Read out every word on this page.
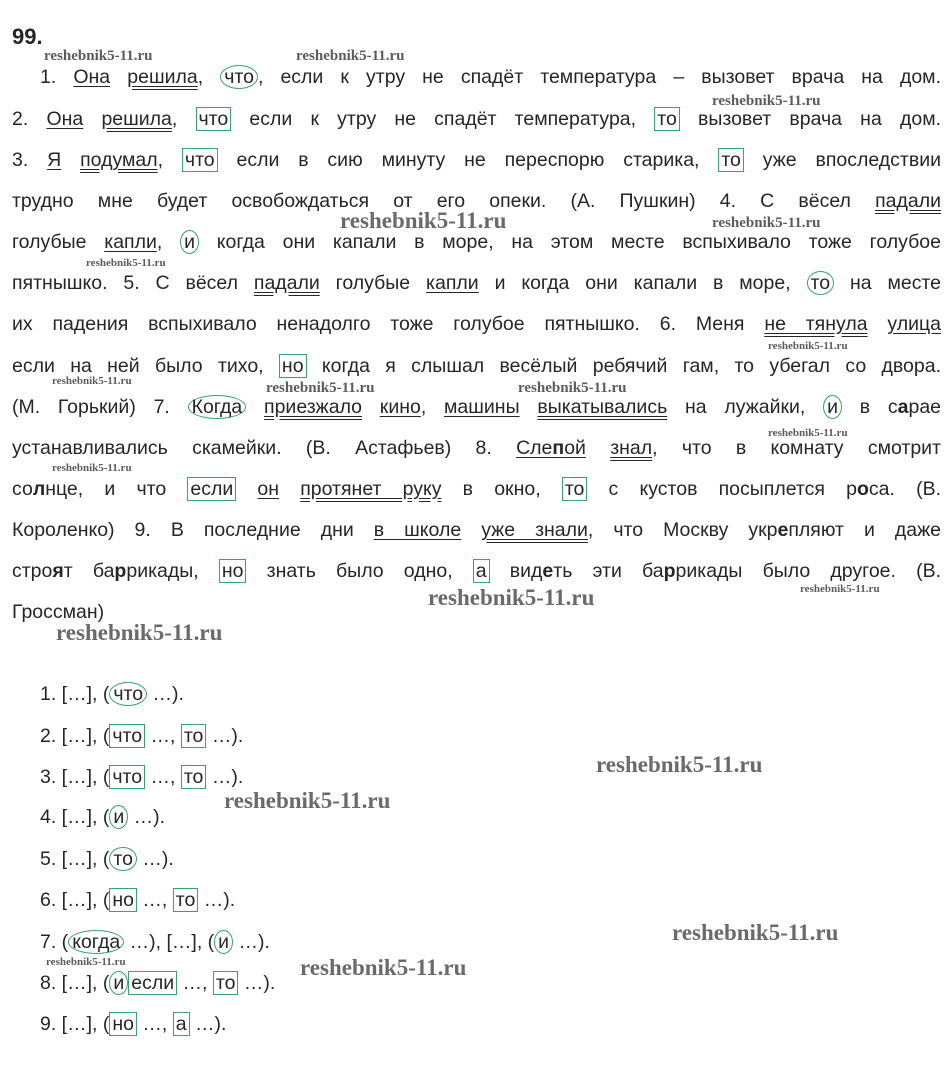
99.
1. Она решила, что , если к утру не спадёт температура – вызовет врача на дом.
2. Она решила, что если к утру не спадёт температура, то вызовет врача на дом.
3. Я подумал, что если в сию минуту не переспорю старика, то уже впоследствии
трудно мне будет освобождаться от его опеки. (А. Пушкин) 4. С вёсел падали
голубые капли, и когда они капали в море, на этом месте вспыхивало тоже голубое
пятнышко. 5. С вёсел падали голубые капли и когда они капали в море, то на месте
их падения вспыхивало ненадолго тоже голубое пятнышко. 6. Меня не тянула улица
если на ней было тихо, но когда я слышал весёлый ребячий гам, то убегал со двора.
(М. Горький) 7. Когда приезжало кино, машины выкатывались на лужайки, и в сарае
устанавливались скамейки. (В. Астафьев) 8. Слепой знал, что в комнату смотрит
солнце, и что если он протянет руку в окно, то с кустов посыплется роса. (В.
Короленко) 9. В последние дни в школе уже знали, что Москву укрепляют и даже
строят баррикады, но знать было одно, а видеть эти баррикады было другое. (В.
Гроссман)
1. […], ( что …).
2. […], ( что …, то …).
3. […], ( что …, то …).
4. […], ( и …).
5. […], ( то …).
6. […], ( но …, то …).
7. ( когда …), […], ( и …).
8. […], ( и если …, то …).
9. […], ( но …, а …).
reshebnik5-11.ru	reshebnik5-11.ru
reshebnik5-11.ru
reshebnik5-11.ru	reshebnik5-11.ru
reshebnik5-11.ru
reshebnik5-11.ru
reshebnik5-11.ru	reshebnik5-11.ru	reshebnik5-11.ru
reshebnik5-11.ru
reshebnik5-11.ru
reshebnik5-11.ru
reshebnik5-11.ru
reshebnik5-11.ru
reshebnik5-11.ru
reshebnik5-11.ru
reshebnik5-11.ru
reshebnik5-11.ru	reshebnik5-11.ru
